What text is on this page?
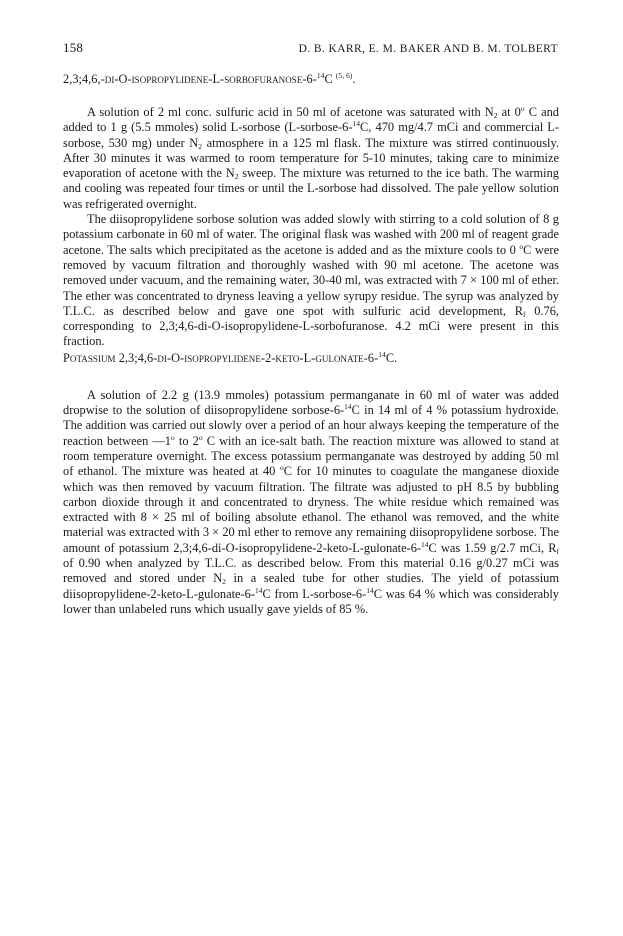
158	D. B. KARR, E. M. BAKER AND B. M. TOLBERT
2,3;4,6,-di-O-isopropylidene-L-sorbofuranose-6-$^{14}$C $^{(5, 6)}$.

A solution of 2 ml conc. sulfuric acid in 50 ml of acetone was saturated with $N_2$ at 0$^o$ C and added to 1 g (5.5 mmoles) solid L-sorbose (L-sorbose-6-$^{14}$C, 470 mg/4.7 mCi and commercial L-sorbose, 530 mg) under $N_2$ atmosphere in a 125 ml flask. The mixture was stirred continuously. After 30 minutes it was warmed to room temperature for 5-10 minutes, taking care to minimize evaporation of acetone with the $N_2$ sweep. The mixture was returned to the ice bath. The warming and cooling was repeated four times or until the L-sorbose had dissolved. The pale yellow solution was refrigerated overnight.

The diisopropylidene sorbose solution was added slowly with stirring to a cold solution of 8 g potassium carbonate in 60 ml of water. The original flask was washed with 200 ml of reagent grade acetone. The salts which precipitated as the acetone is added and as the mixture cools to 0 $^o$C were removed by vacuum filtration and thoroughly washed with 90 ml acetone. The acetone was removed under vacuum, and the remaining water, 30-40 ml, was extracted with 7 × 100 ml of ether. The ether was concentrated to dryness leaving a yellow syrupy residue. The syrup was analyzed by T.L.C. as described below and gave one spot with sulfuric acid development, $R_f$ 0.76, corresponding to 2,3;4,6-di-O-isopropylidene-L-sorbofuranose. 4.2 mCi were present in this fraction.

Potassium 2,3;4,6-di-O-isopropylidene-2-keto-L-gulonate-6-$^{14}$C.

A solution of 2.2 g (13.9 mmoles) potassium permanganate in 60 ml of water was added dropwise to the solution of diisopropylidene sorbose-6-$^{14}$C in 14 ml of 4 % potassium hydroxide. The addition was carried out slowly over a period of an hour always keeping the temperature of the reaction between —1$^o$ to 2$^o$ C with an ice-salt bath. The reaction mixture was allowed to stand at room temperature overnight. The excess potassium permanganate was destroyed by adding 50 ml of ethanol. The mixture was heated at 40 $^o$C for 10 minutes to coagulate the manganese dioxide which was then removed by vacuum filtration. The filtrate was adjusted to pH 8.5 by bubbling carbon dioxide through it and concentrated to dryness. The white residue which remained was extracted with 8 × 25 ml of boiling absolute ethanol. The ethanol was removed, and the white material was extracted with 3 × 20 ml ether to remove any remaining diisopropylidene sorbose. The amount of potassium 2,3;4,6-di-O-isopropylidene-2-keto-L-gulonate-6-$^{14}$C was 1.59 g/2.7 mCi, $R_f$ of 0.90 when analyzed by T.L.C. as described below. From this material 0.16 g/0.27 mCi was removed and stored under $N_2$ in a sealed tube for other studies. The yield of potassium diisopropylidene-2-keto-L-gulonate-6-$^{14}$C from L-sorbose-6-$^{14}$C was 64 % which was considerably lower than unlabeled runs which usually gave yields of 85 %.
